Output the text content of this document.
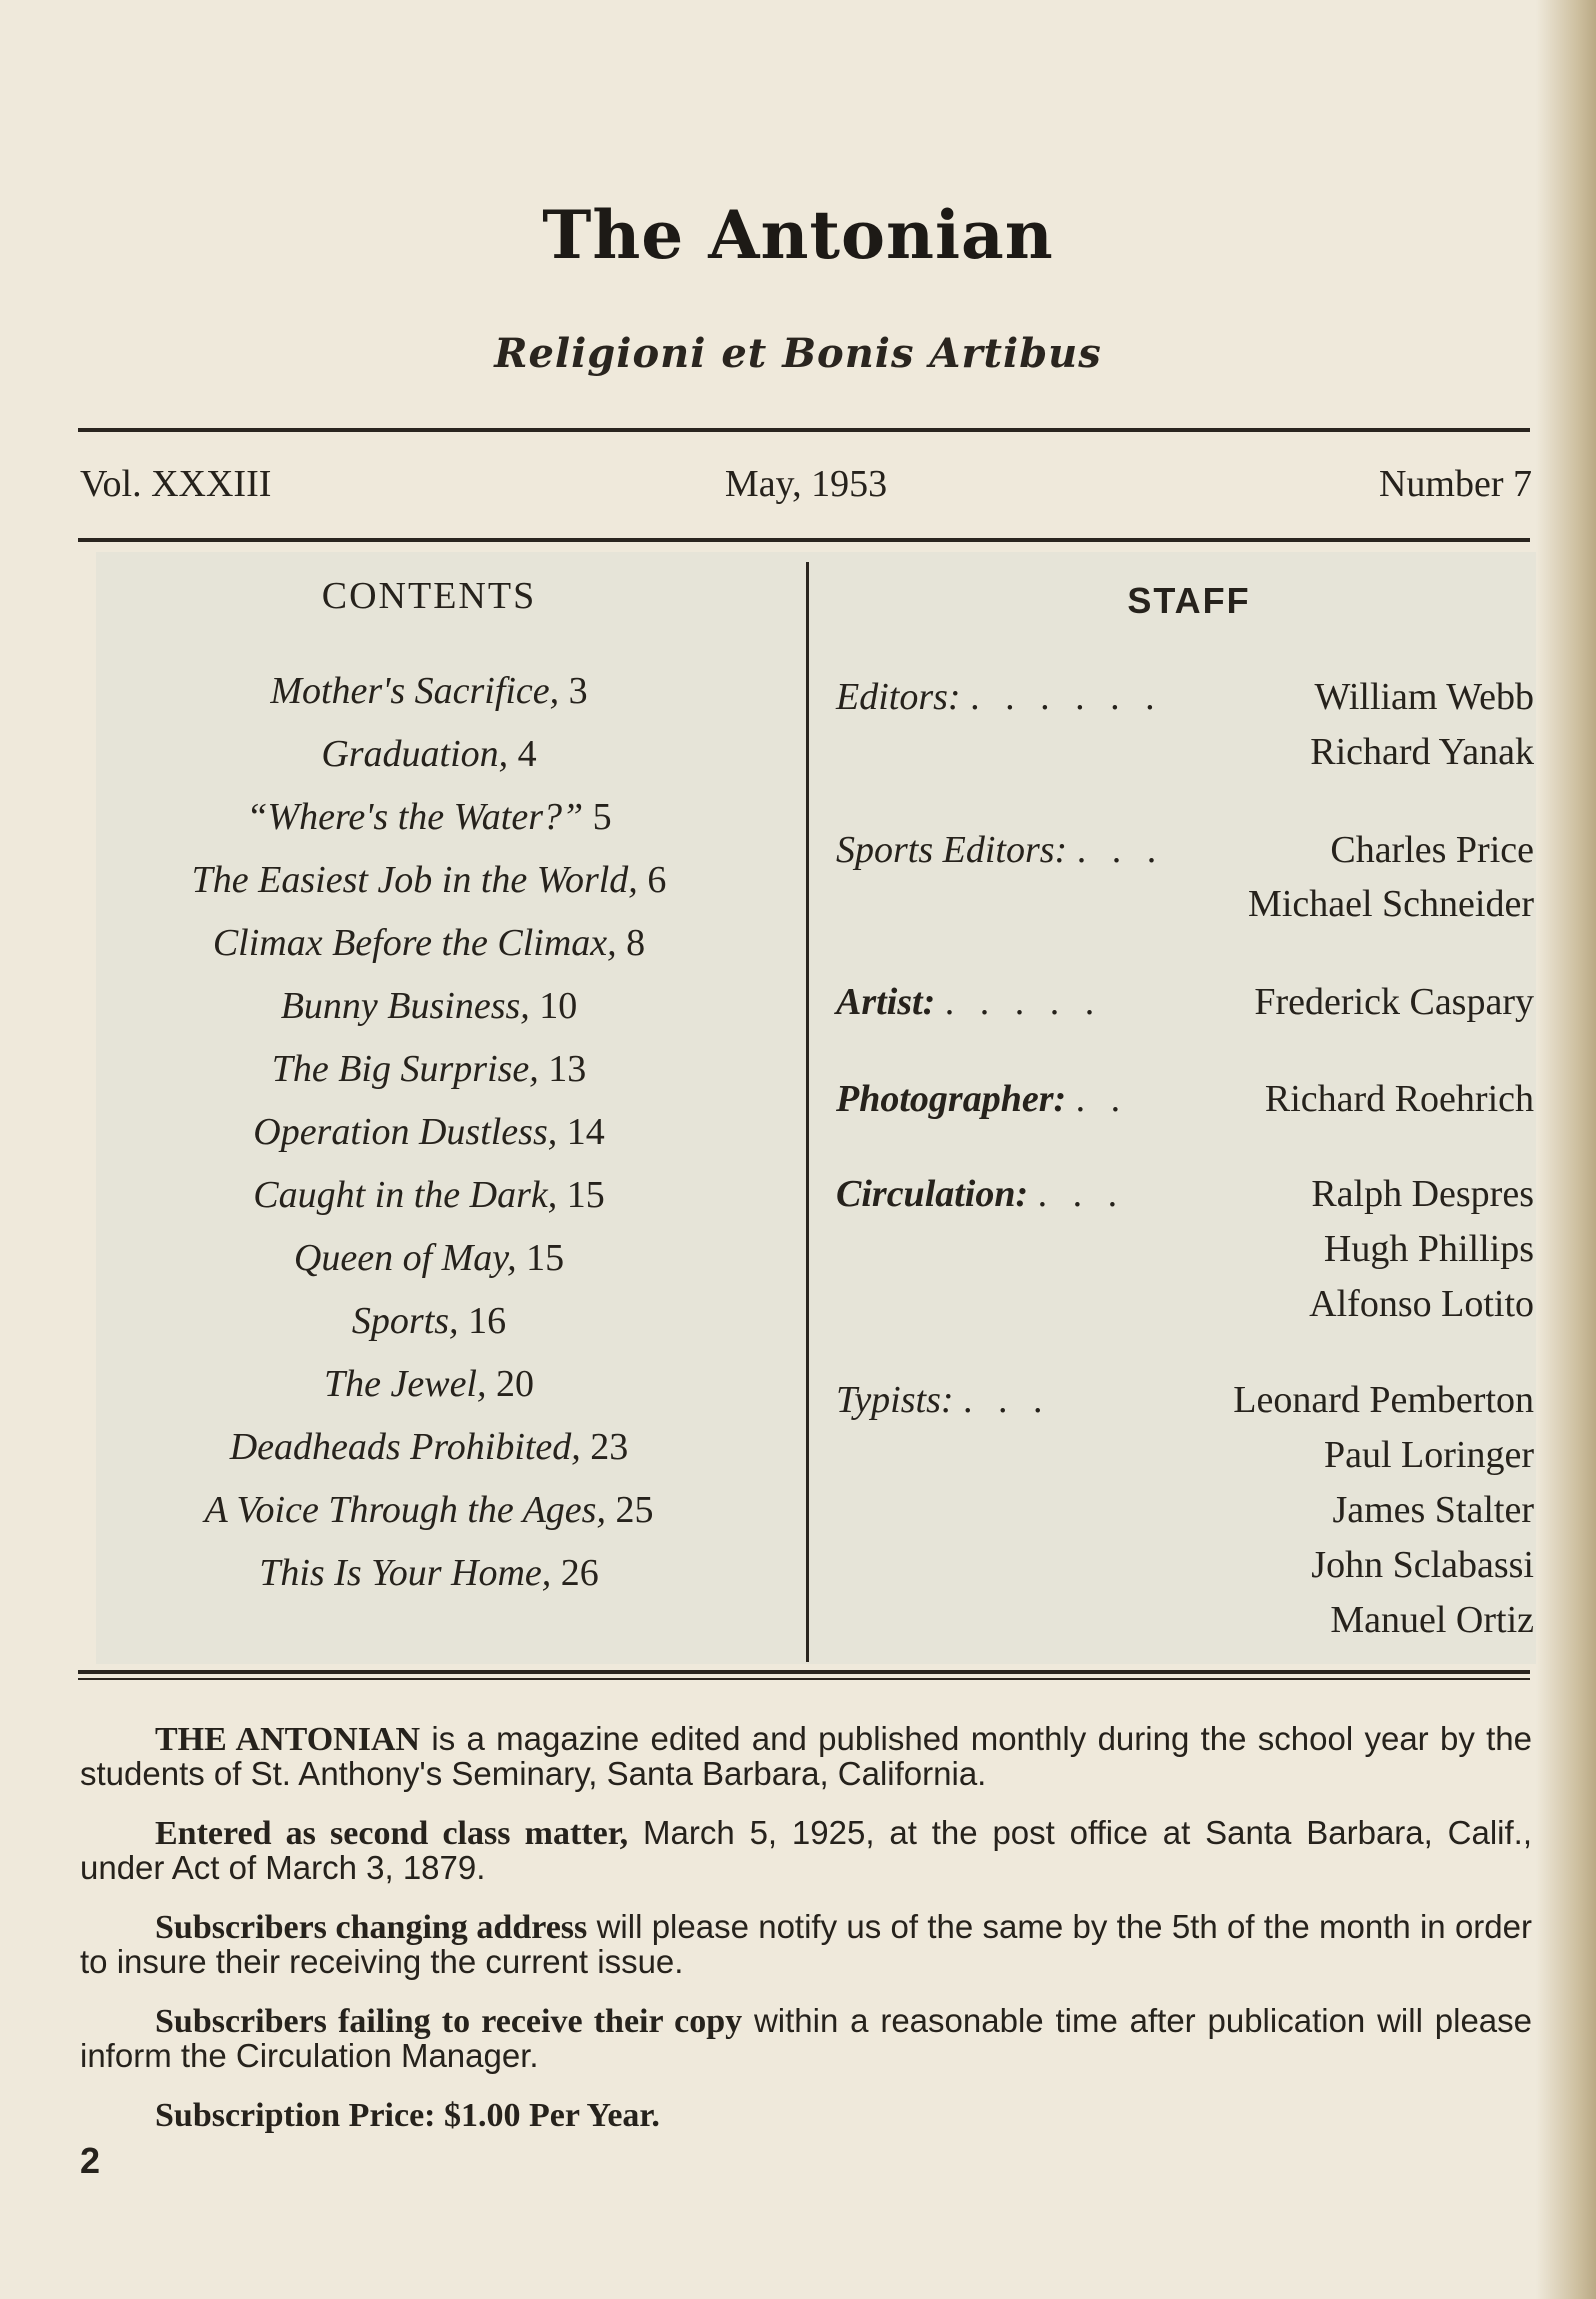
The Antonian
Religioni et Bonis Artibus
Vol. XXXIII	May, 1953	Number 7
CONTENTS
Mother's Sacrifice, 3
Graduation, 4
“Where's the Water?” 5
The Easiest Job in the World, 6
Climax Before the Climax, 8
Bunny Business, 10
The Big Surprise, 13
Operation Dustless, 14
Caught in the Dark, 15
Queen of May, 15
Sports, 16
The Jewel, 20
Deadheads Prohibited, 23
A Voice Through the Ages, 25
This Is Your Home, 26
STAFF
Editors: . . . . . .	William Webb
Richard Yanak
Sports Editors: . . .	Charles Price
Michael Schneider
Artist: . . . . .	Frederick Caspary
Photographer: . .	Richard Roehrich
Circulation: . . .	Ralph Despres
Hugh Phillips
Alfonso Lotito
Typists: . . .	Leonard Pemberton
Paul Loringer
James Stalter
John Sclabassi
Manuel Ortiz

THE ANTONIAN is a magazine edited and published monthly during the school year by the students of St. Anthony's Seminary, Santa Barbara, California.

Entered as second class matter, March 5, 1925, at the post office at Santa Barbara, Calif., under Act of March 3, 1879.

Subscribers changing address will please notify us of the same by the 5th of the month in order to insure their receiving the current issue.

Subscribers failing to receive their copy within a reasonable time after publication will please inform the Circulation Manager.

Subscription Price: $1.00 Per Year.

2
